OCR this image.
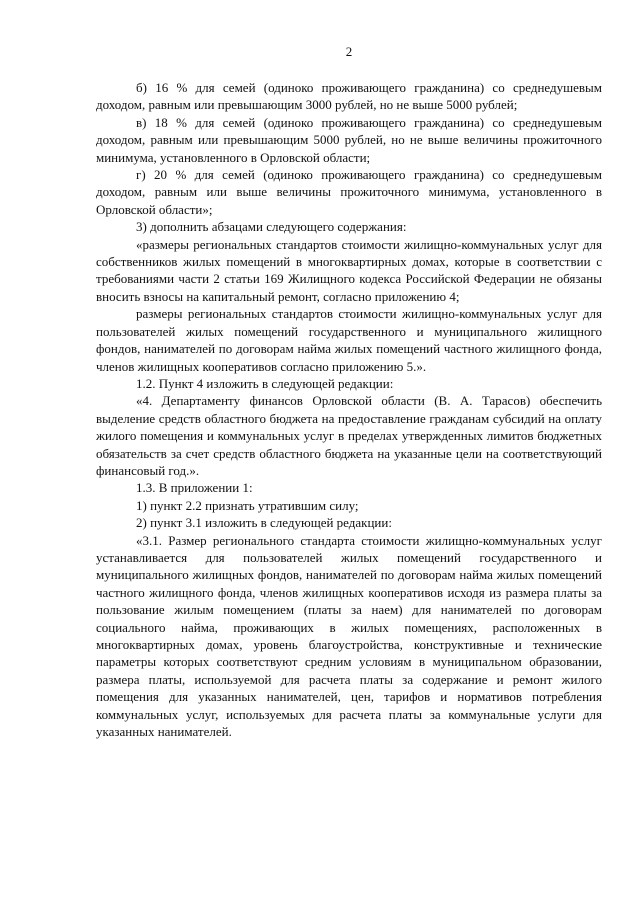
2

б) 16 % для семей (одиноко проживающего гражданина) со среднедушевым доходом, равным или превышающим 3000 рублей, но не выше 5000 рублей;

в) 18 % для семей (одиноко проживающего гражданина) со среднедушевым доходом, равным или превышающим 5000 рублей, но не выше величины прожиточного минимума, установленного в Орловской области;

г) 20 % для семей (одиноко проживающего гражданина) со среднедушевым доходом, равным или выше величины прожиточного минимума, установленного в Орловской области»;

3) дополнить абзацами следующего содержания:

«размеры региональных стандартов стоимости жилищно-коммунальных услуг для собственников жилых помещений в многоквартирных домах, которые в соответствии с требованиями части 2 статьи 169 Жилищного кодекса Российской Федерации не обязаны вносить взносы на капитальный ремонт, согласно приложению 4;

размеры региональных стандартов стоимости жилищно-коммунальных услуг для пользователей жилых помещений государственного и муниципального жилищного фондов, нанимателей по договорам найма жилых помещений частного жилищного фонда, членов жилищных кооперативов согласно приложению 5.».

1.2. Пункт 4 изложить в следующей редакции:

«4. Департаменту финансов Орловской области (В. А. Тарасов) обеспечить выделение средств областного бюджета на предоставление гражданам субсидий на оплату жилого помещения и коммунальных услуг в пределах утвержденных лимитов бюджетных обязательств за счет средств областного бюджета на указанные цели на соответствующий финансовый год.».

1.3. В приложении 1:

1) пункт 2.2 признать утратившим силу;

2) пункт 3.1 изложить в следующей редакции:

«3.1. Размер регионального стандарта стоимости жилищно-коммунальных услуг устанавливается для пользователей жилых помещений государственного и муниципального жилищных фондов, нанимателей по договорам найма жилых помещений частного жилищного фонда, членов жилищных кооперативов исходя из размера платы за пользование жилым помещением (платы за наем) для нанимателей по договорам социального найма, проживающих в жилых помещениях, расположенных в многоквартирных домах, уровень благоустройства, конструктивные и технические параметры которых соответствуют средним условиям в муниципальном образовании, размера платы, используемой для расчета платы за содержание и ремонт жилого помещения для указанных нанимателей, цен, тарифов и нормативов потребления коммунальных услуг, используемых для расчета платы за коммунальные услуги для указанных нанимателей.
